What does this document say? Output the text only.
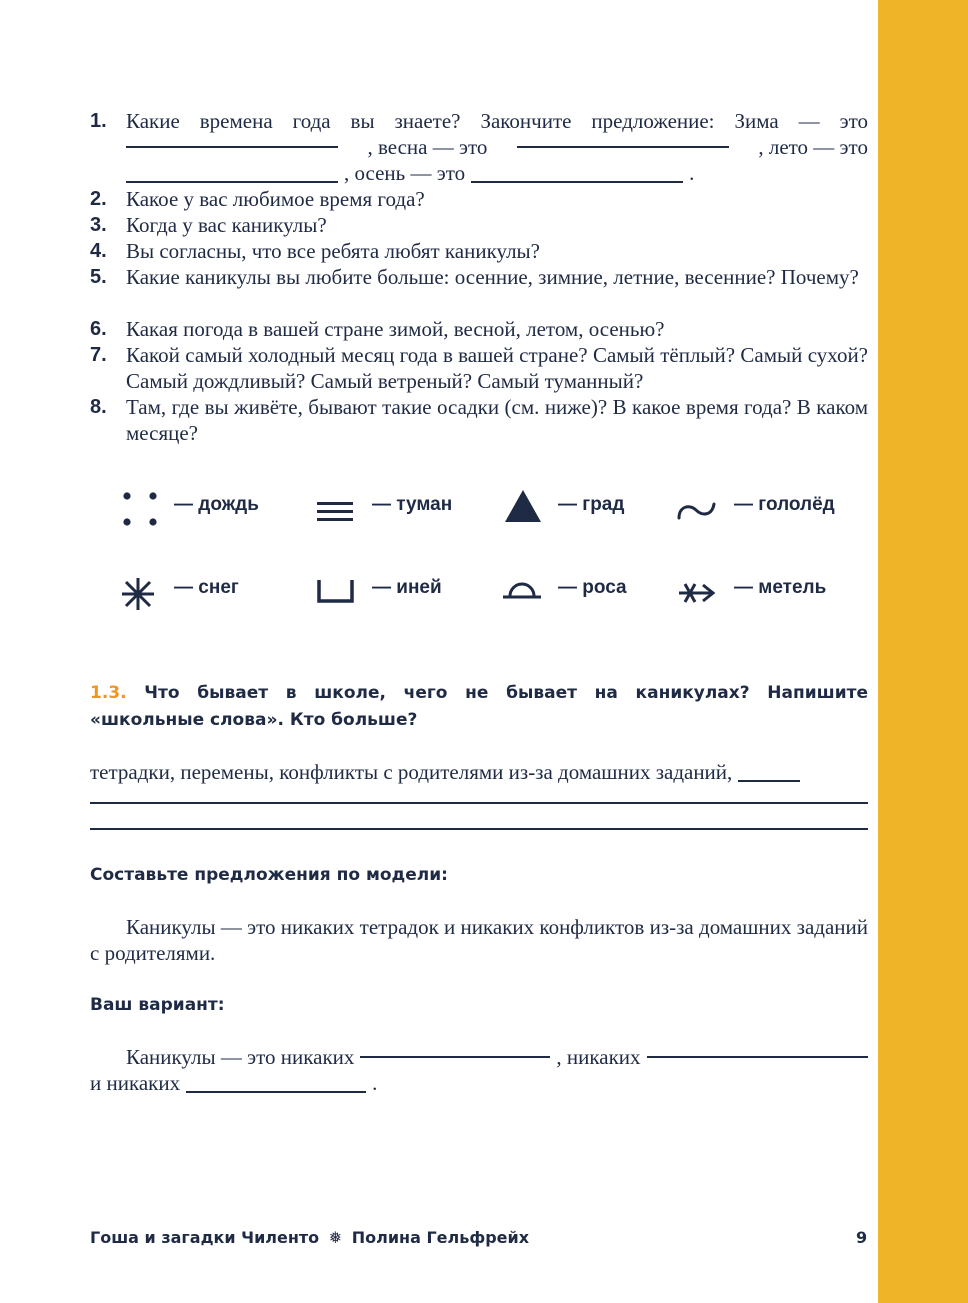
1. Какие времена года вы знаете? Закончите предложение: Зима — это
, весна — это	, лето — это
, осень — это	.
2. Какое у вас любимое время года?
3. Когда у вас каникулы?
4. Вы согласны, что все ребята любят каникулы?
5. Какие каникулы вы любите больше: осенние, зимние, летние, весенние? Почему?
6. Какая погода в вашей стране зимой, весной, летом, осенью?
7. Какой самый холодный месяц года в вашей стране? Самый тёплый? Самый сухой? Самый дождливый? Самый ветреный? Самый туманный?
8. Там, где вы живёте, бывают такие осадки (см. ниже)? В какое время года? В каком месяце?
— дождь	— туман	— град	— гололёд
— снег	— иней	— роса	— метель
1.3. Что бывает в школе, чего не бывает на каникулах? Напишите «школьные слова». Кто больше?
тетрадки, перемены, конфликты с родителями из-за домашних заданий,
Составьте предложения по модели:
Каникулы — это никаких тетрадок и никаких конфликтов из-за домашних заданий с родителями.
Ваш вариант:
Каникулы — это никаких	, никаких
и никаких	.
Гоша и загадки Чиленто ❅ Полина Гельфрейх	9
